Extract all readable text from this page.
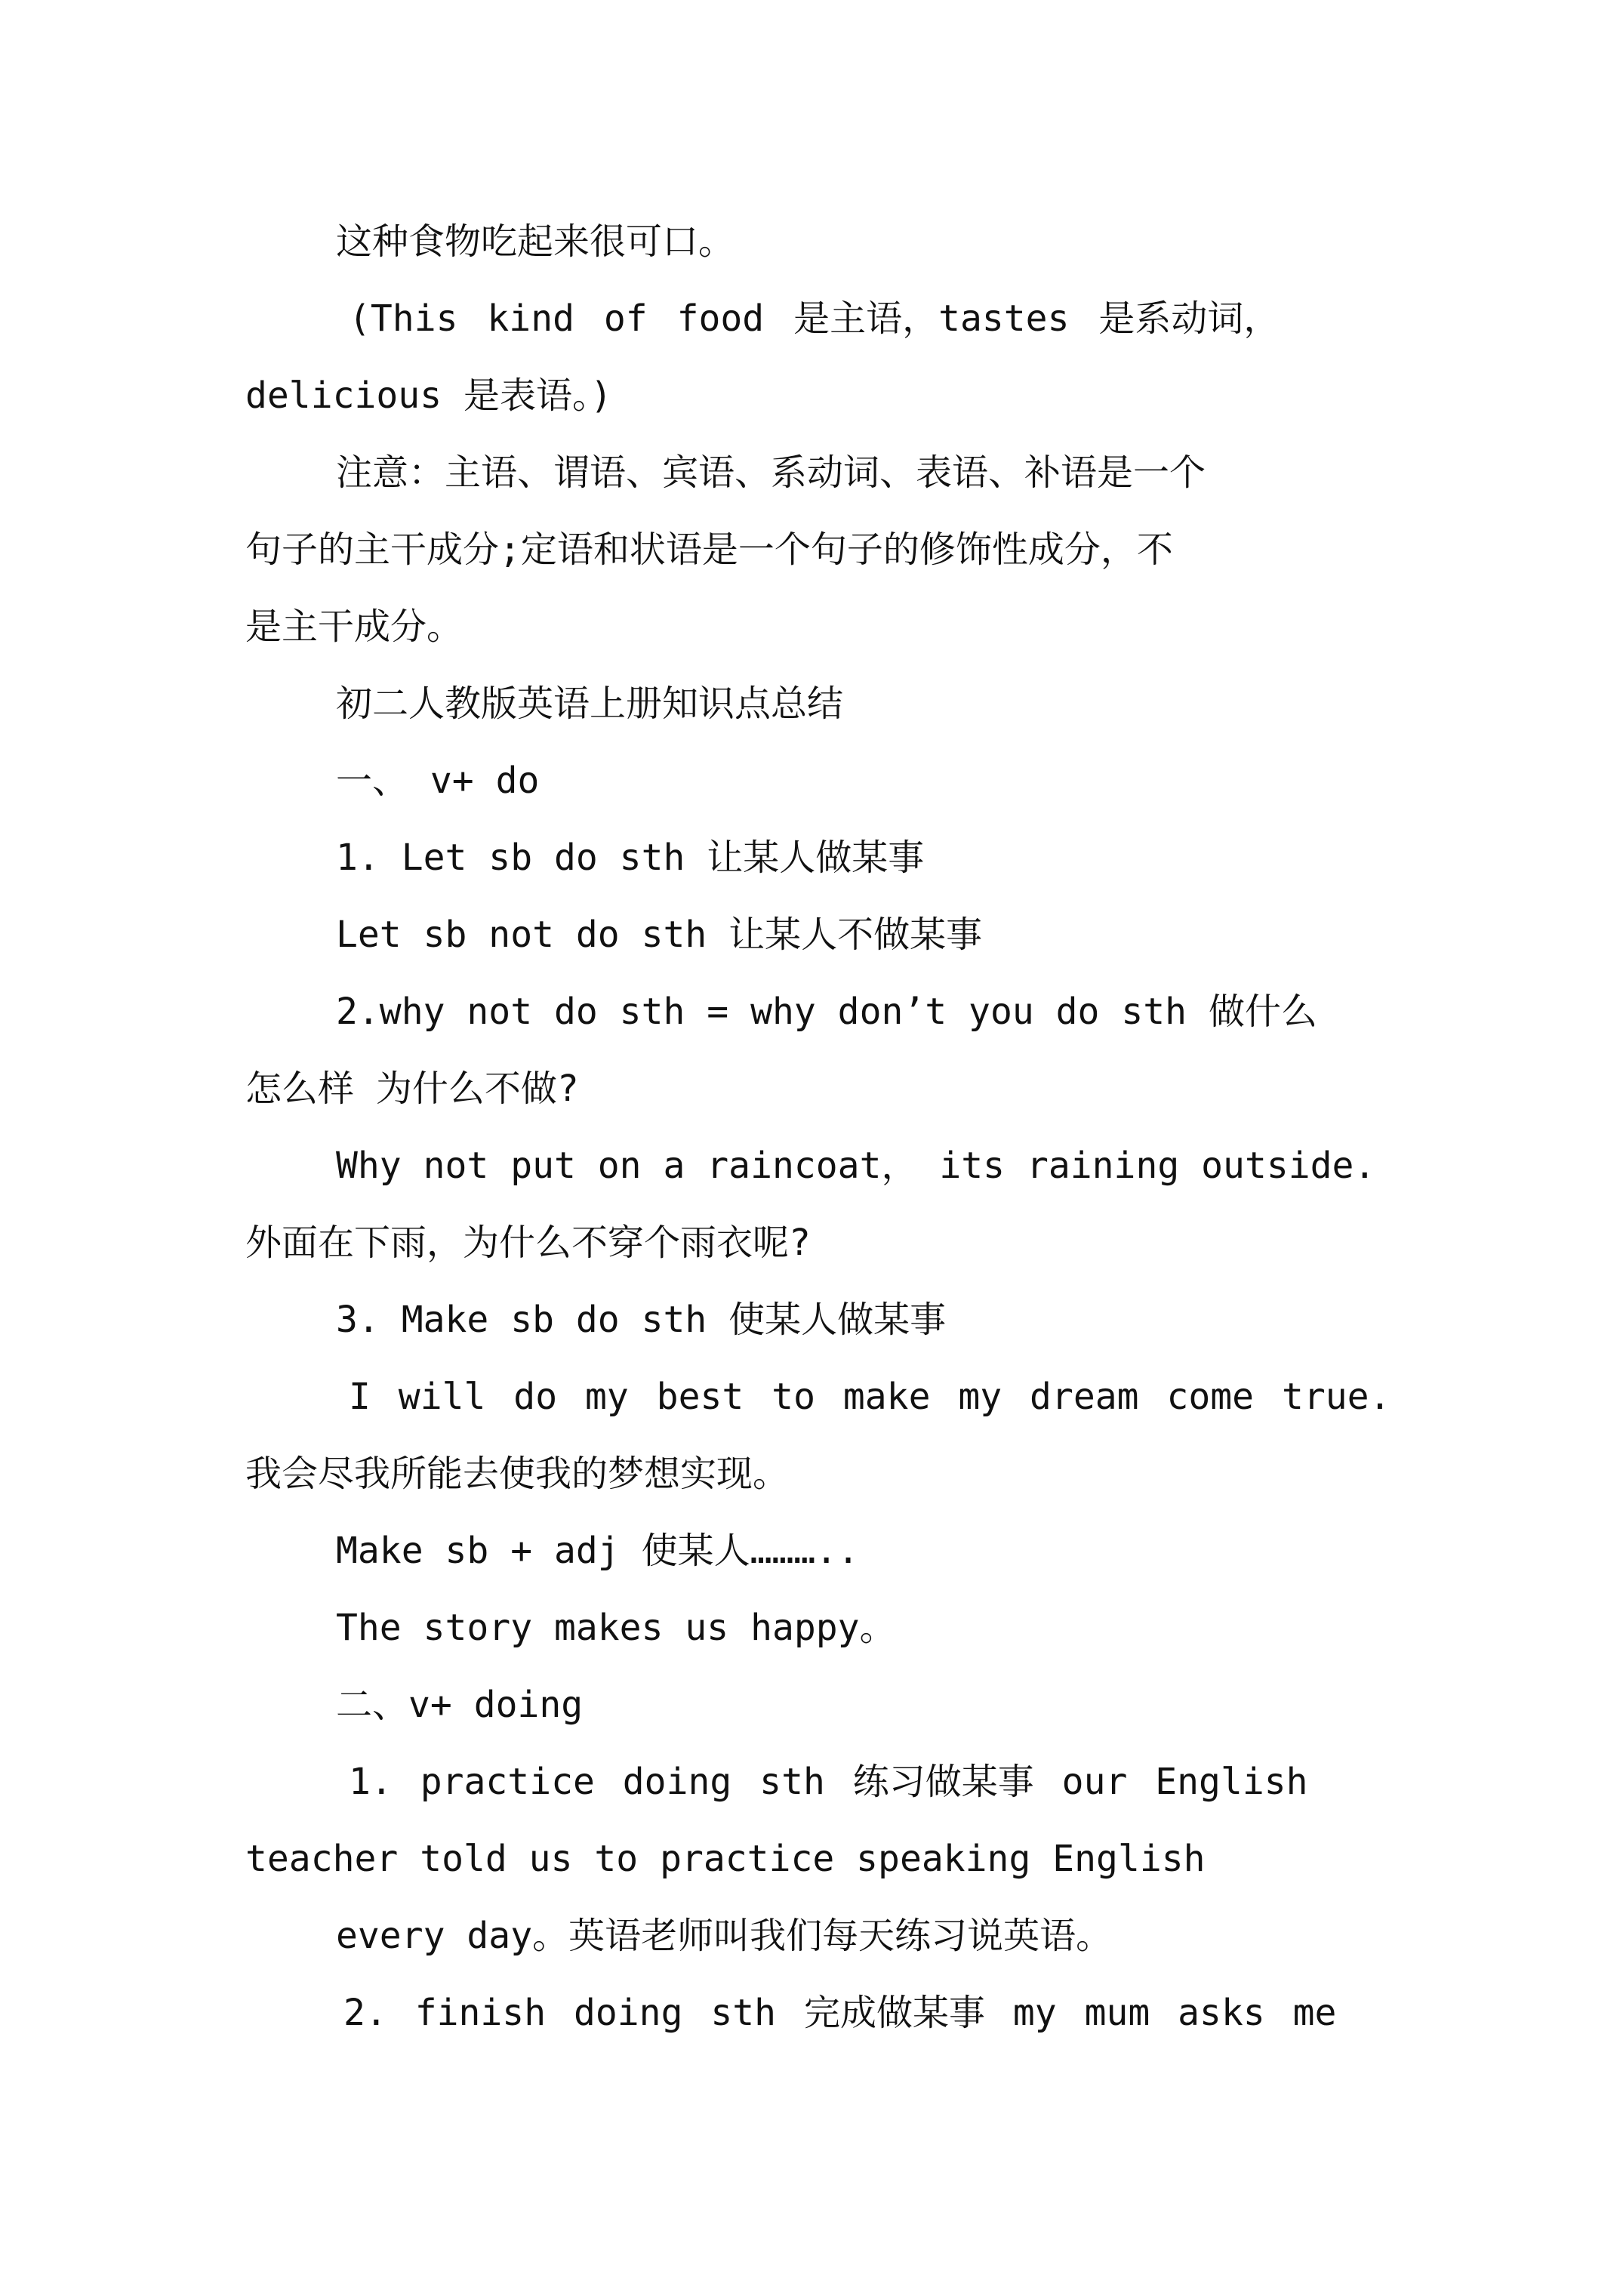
这种食物吃起来很可口。
(This kind of food 是主语，tastes 是系动词，
delicious 是表语。)
注意：主语、谓语、宾语、系动词、表语、补语是一个
句子的主干成分;定语和状语是一个句子的修饰性成分，不
是主干成分。
初二人教版英语上册知识点总结
一、 v+ do
1. Let sb do sth 让某人做某事
Let sb not do sth 让某人不做某事
2.why not do sth = why don’t you do sth 做什么
怎么样 为什么不做?
Why not put on a raincoat， its raining outside.
外面在下雨，为什么不穿个雨衣呢?
3. Make sb do sth 使某人做某事
I will do my best to make my dream come true.
我会尽我所能去使我的梦想实现。
Make sb + adj 使某人………..
The story makes us happy。
二、v+ doing
1. practice doing sth 练习做某事 our English
teacher told us to practice speaking English
every day。英语老师叫我们每天练习说英语。
2. finish doing sth 完成做某事 my mum asks me
